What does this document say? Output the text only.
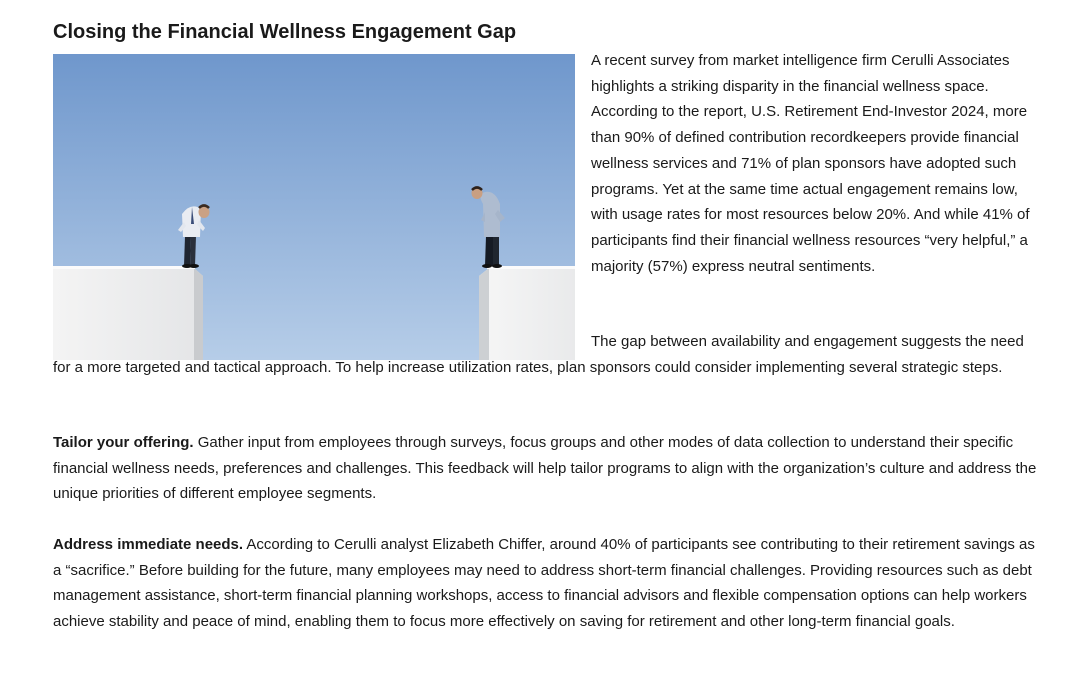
Closing the Financial Wellness Engagement Gap

A recent survey from market intelligence firm Cerulli Associates highlights a striking disparity in the financial wellness space. According to the report, U.S. Retirement End-Investor 2024, more than 90% of defined contribution recordkeepers provide financial wellness services and 71% of plan sponsors have adopted such programs. Yet at the same time actual engagement remains low, with usage rates for most resources below 20%. And while 41% of participants find their financial wellness resources “very helpful,” a majority (57%) express neutral sentiments.

The gap between availability and engagement suggests the need for a more targeted and tactical approach. To help increase utilization rates, plan sponsors could consider implementing several strategic steps.

Tailor your offering. Gather input from employees through surveys, focus groups and other modes of data collection to understand their specific financial wellness needs, preferences and challenges. This feedback will help tailor programs to align with the organization’s culture and address the unique priorities of different employee segments.

Address immediate needs. According to Cerulli analyst Elizabeth Chiffer, around 40% of participants see contributing to their retirement savings as a “sacrifice.” Before building for the future, many employees may need to address short-term financial challenges. Providing resources such as debt management assistance, short-term financial planning workshops, access to financial advisors and flexible compensation options can help workers achieve stability and peace of mind, enabling them to focus more effectively on saving for retirement and other long-term financial goals.
